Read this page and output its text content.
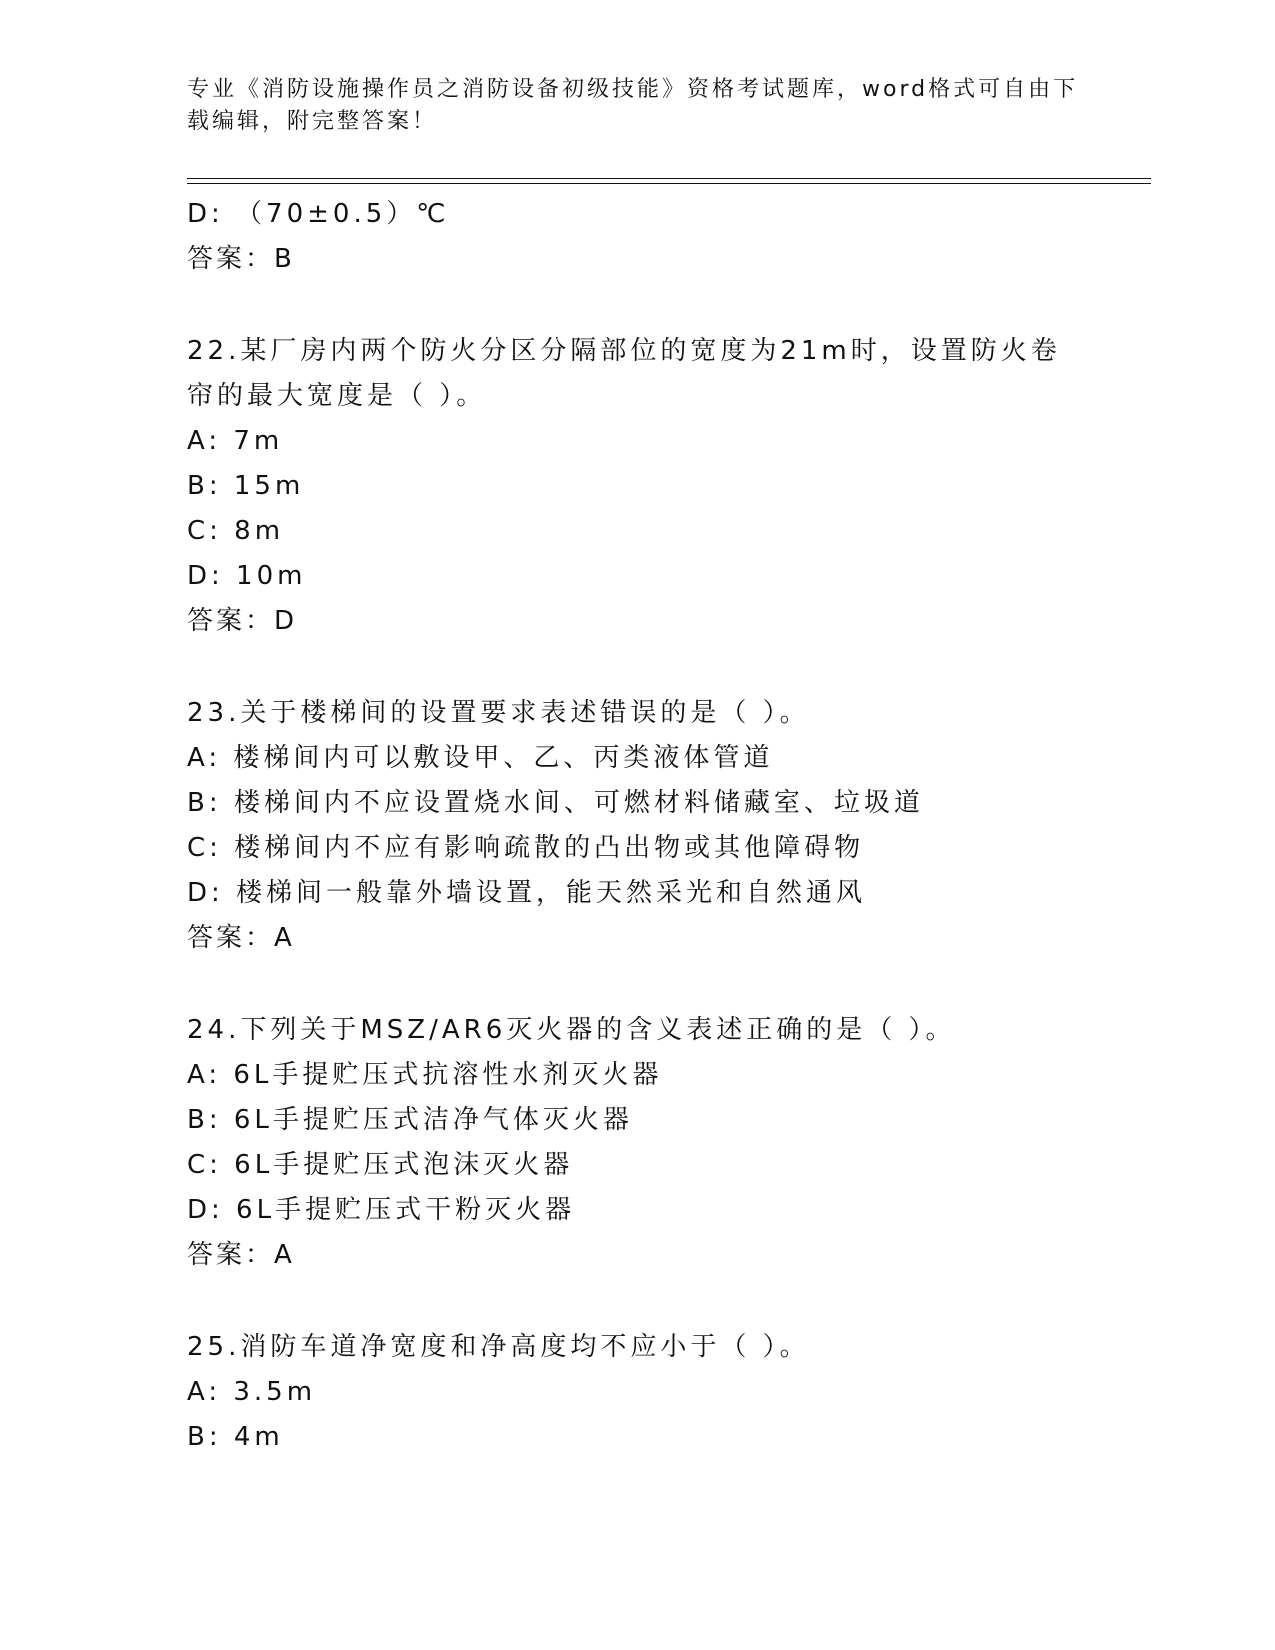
专业《消防设施操作员之消防设备初级技能》资格考试题库，word格式可自由下载编辑，附完整答案！

D: （70±0.5）℃

答案：B

22.某厂房内两个防火分区分隔部位的宽度为21m时，设置防火卷帘的最大宽度是（ ）。

A: 7m

B: 15m

C: 8m

D: 10m

答案：D

23.关于楼梯间的设置要求表述错误的是（ ）。

A: 楼梯间内可以敷设甲、乙、丙类液体管道

B: 楼梯间内不应设置烧水间、可燃材料储藏室、垃圾道

C: 楼梯间内不应有影响疏散的凸出物或其他障碍物

D: 楼梯间一般靠外墙设置，能天然采光和自然通风

答案：A

24.下列关于MSZ/AR6灭火器的含义表述正确的是（ ）。

A: 6L手提贮压式抗溶性水剂灭火器

B: 6L手提贮压式洁净气体灭火器

C: 6L手提贮压式泡沫灭火器

D: 6L手提贮压式干粉灭火器

答案：A

25.消防车道净宽度和净高度均不应小于（ ）。

A: 3.5m

B: 4m
